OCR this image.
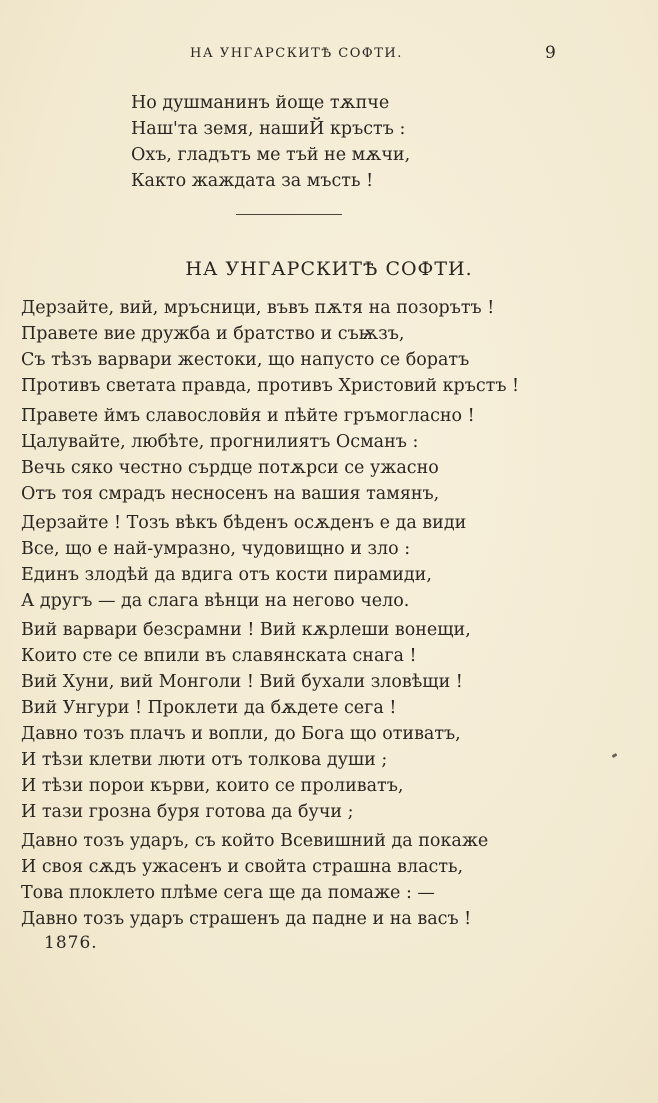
НА УНГАРСКИТѢ СОФТИ.	9
Но душманинъ йоще тѫпче
Наш'та земя, нашиЙ кръстъ :
Охъ, гладътъ ме тъй не мѫчи,
Както жаждата за мъсть !
НА УНГАРСКИТѢ СОФТИ.
Дерзайте, вий, мръсници, въвъ пѫтя на позорътъ !
Правете вие дружба и братство и съѭзъ,
Съ тѣзъ варвари жестоки, що напусто се боратъ
Противъ светата правда, противъ Христовий кръстъ !
Правете ймъ славословйя и пѣйте гръмогласно !
Цалувайте, любѣте, прогнилиятъ Османъ :
Вечь сяко честно сърдце потѫрси се ужасно
Отъ тоя смрадъ несносенъ на вашия тамянъ,
Дерзайте ! Тозъ вѣкъ бѣденъ осѫденъ е да види
Все, що е най-умразно, чудовищно и зло :
Единъ злодѣй да вдига отъ кости пирамиди,
А другъ — да слага вѣнци на негово чело.
Вий варвари безсрамни ! Вий кѫрлеши вонещи,
Които сте се впили въ славянската снага !
Вий Хуни, вий Монголи ! Вий бухали зловѣщи !
Вий Унгури ! Проклети да бѫдете сега !
Давно тозъ плачъ и вопли, до Бога що отиватъ,
И тѣзи клетви люти отъ толкова души ;
И тѣзи порои кърви, които се проливатъ,
И тази грозна буря готова да бучи ;
Давно тозъ ударъ, съ който Всевишний да покаже
И своя сѫдъ ужасенъ и свойта страшна власть,
Това плоклето плѣме сега ще да помаже : —
Давно тозъ ударъ страшенъ да падне и на васъ !
1876.
